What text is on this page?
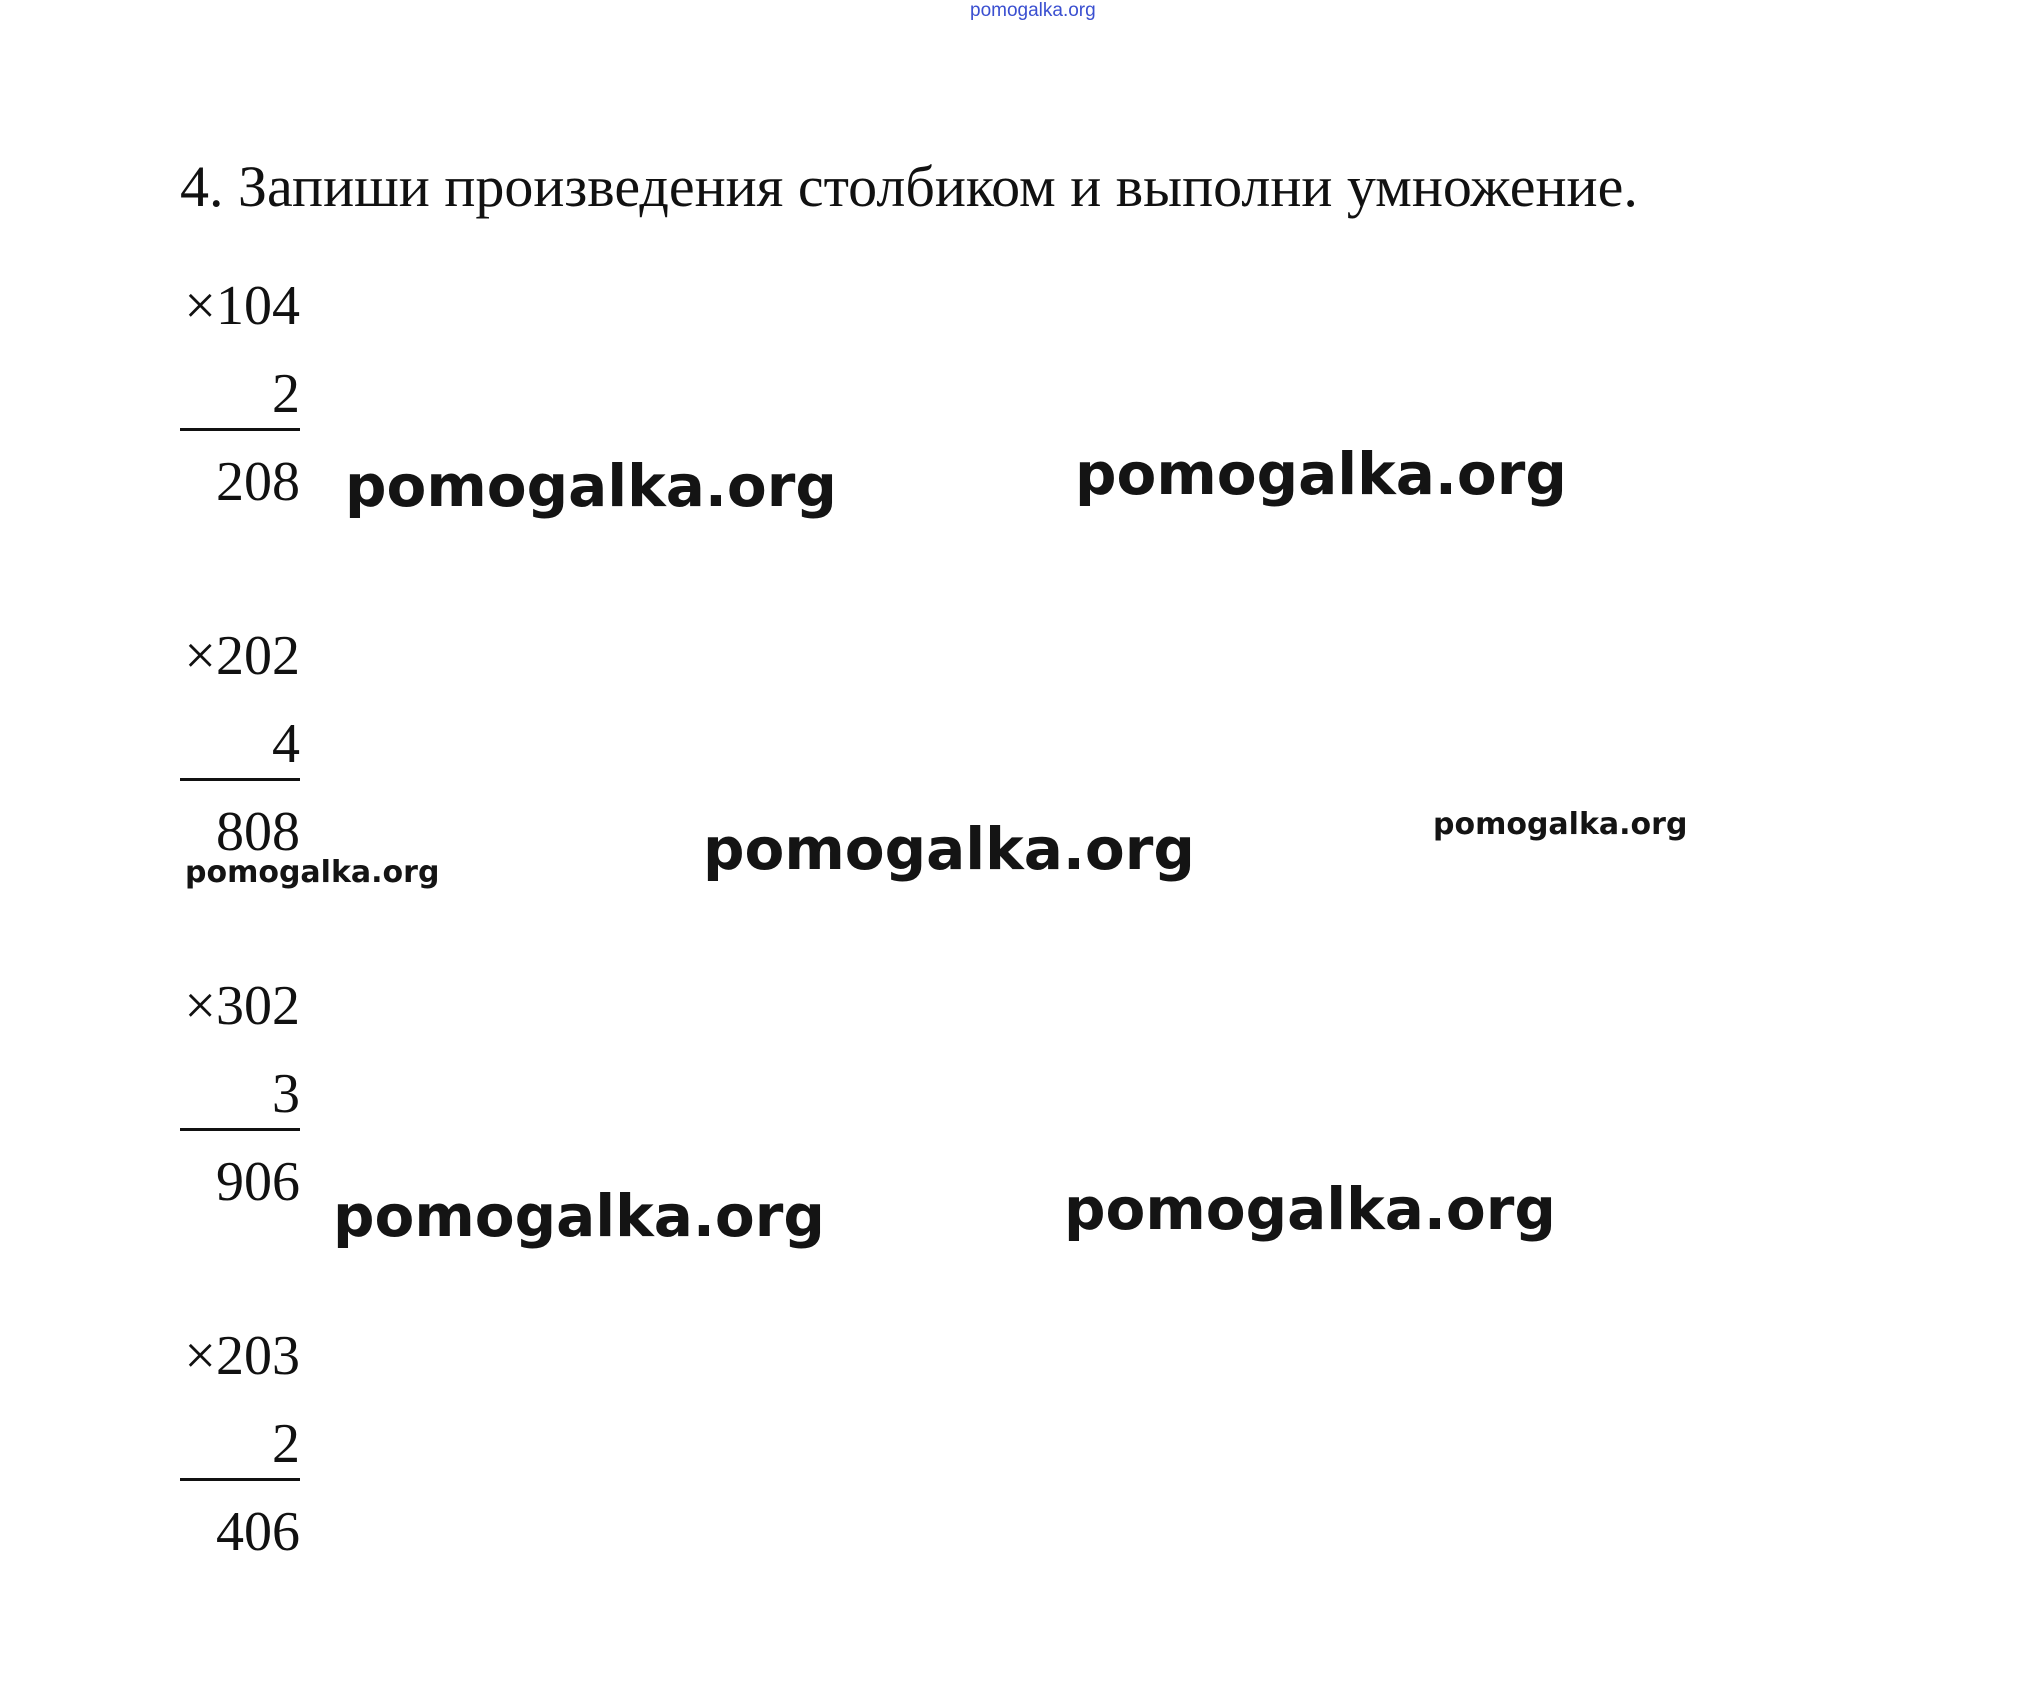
pomogalka.org
4. Запиши произведения столбиком и выполни умножение.
×104
2
208
×202
4
808
×302
3
906
×203
2
406
pomogalka.org	pomogalka.org
pomogalka.org	pomogalka.org	pomogalka.org
pomogalka.org	pomogalka.org
